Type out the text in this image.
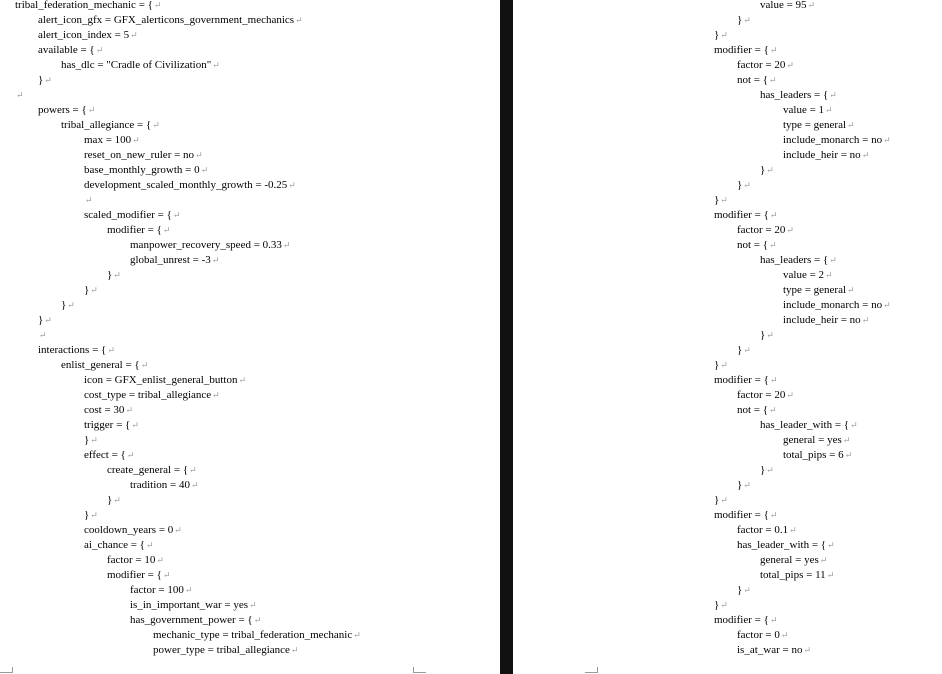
tribal_federation_mechanic = {↵
alert_icon_gfx = GFX_alerticons_government_mechanics↵
alert_icon_index = 5↵
available = {↵
has_dlc = "Cradle of Civilization"↵
}↵
↵
powers = {↵
tribal_allegiance = {↵
max = 100↵
reset_on_new_ruler = no↵
base_monthly_growth = 0↵
development_scaled_monthly_growth = -0.25↵
↵
scaled_modifier = {↵
modifier = {↵
manpower_recovery_speed = 0.33↵
global_unrest = -3↵
}↵
}↵
}↵
}↵
↵
interactions = {↵
enlist_general = {↵
icon = GFX_enlist_general_button↵
cost_type = tribal_allegiance↵
cost = 30↵
trigger = {↵
}↵
effect = {↵
create_general = {↵
tradition = 40↵
}↵
}↵
cooldown_years = 0↵
ai_chance = {↵
factor = 10↵
modifier = {↵
factor = 100↵
is_in_important_war = yes↵
has_government_power = {↵
mechanic_type = tribal_federation_mechanic↵
power_type = tribal_allegiance↵
value = 95↵
}↵
}↵
modifier = {↵
factor = 20↵
not = {↵
has_leaders = {↵
value = 1↵
type = general↵
include_monarch = no↵
include_heir = no↵
}↵
}↵
}↵
modifier = {↵
factor = 20↵
not = {↵
has_leaders = {↵
value = 2↵
type = general↵
include_monarch = no↵
include_heir = no↵
}↵
}↵
}↵
modifier = {↵
factor = 20↵
not = {↵
has_leader_with = {↵
general = yes↵
total_pips = 6↵
}↵
}↵
}↵
modifier = {↵
factor = 0.1↵
has_leader_with = {↵
general = yes↵
total_pips = 11↵
}↵
}↵
modifier = {↵
factor = 0↵
is_at_war = no↵
